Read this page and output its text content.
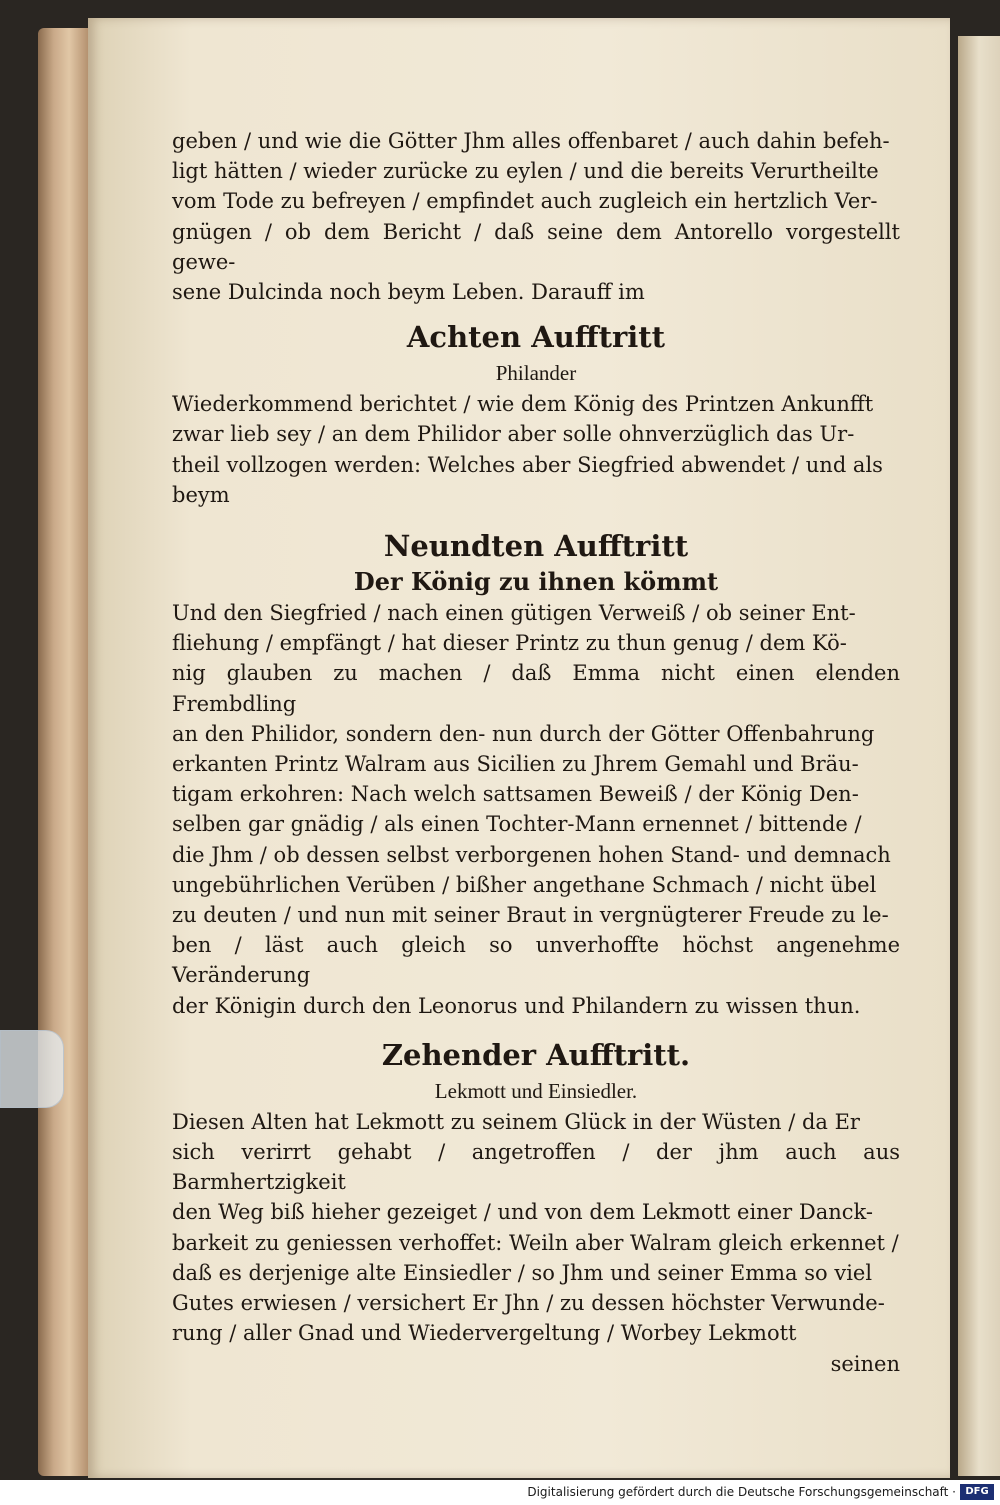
geben / und wie die Götter Jhm alles offenbaret / auch dahin befeh-
ligt hätten / wieder zurücke zu eylen / und die bereits Verurtheilte
vom Tode zu befreyen / empfindet auch zugleich ein hertzlich Ver-
gnügen / ob dem Bericht / daß seine dem Antorello vorgestellt gewe-
sene Dulcinda noch beym Leben. Darauff im

Achten Aufftritt

Philander

Wiederkommend berichtet / wie dem König des Printzen Ankunfft
zwar lieb sey / an dem Philidor aber solle ohnverzüglich das Ur-
theil vollzogen werden: Welches aber Siegfried abwendet / und als
beym

Neundten Aufftritt

Der König zu ihnen kömmt

Und den Siegfried / nach einen gütigen Verweiß / ob seiner Ent-
fliehung / empfängt / hat dieser Printz zu thun genug / dem Kö-
nig glauben zu machen / daß Emma nicht einen elenden Frembdling
an den Philidor, sondern den- nun durch der Götter Offenbahrung
erkanten Printz Walram aus Sicilien zu Jhrem Gemahl und Bräu-
tigam erkohren: Nach welch sattsamen Beweiß / der König Den-
selben gar gnädig / als einen Tochter-Mann ernennet / bittende /
die Jhm / ob dessen selbst verborgenen hohen Stand- und demnach
ungebührlichen Verüben / bißher angethane Schmach / nicht übel
zu deuten / und nun mit seiner Braut in vergnügterer Freude zu le-
ben / läst auch gleich so unverhoffte höchst angenehme Veränderung
der Königin durch den Leonorus und Philandern zu wissen thun.

Zehender Aufftritt.

Lekmott und Einsiedler.

Diesen Alten hat Lekmott zu seinem Glück in der Wüsten / da Er
sich verirrt gehabt / angetroffen / der jhm auch aus Barmhertzigkeit
den Weg biß hieher gezeiget / und von dem Lekmott einer Danck-
barkeit zu geniessen verhoffet: Weiln aber Walram gleich erkennet /
daß es derjenige alte Einsiedler / so Jhm und seiner Emma so viel
Gutes erwiesen / versichert Er Jhn / zu dessen höchster Verwunde-
rung / aller Gnad und Wiedervergeltung / Worbey Lekmott

seinen

Digitalisierung gefördert durch die Deutsche Forschungsgemeinschaft · DFG
